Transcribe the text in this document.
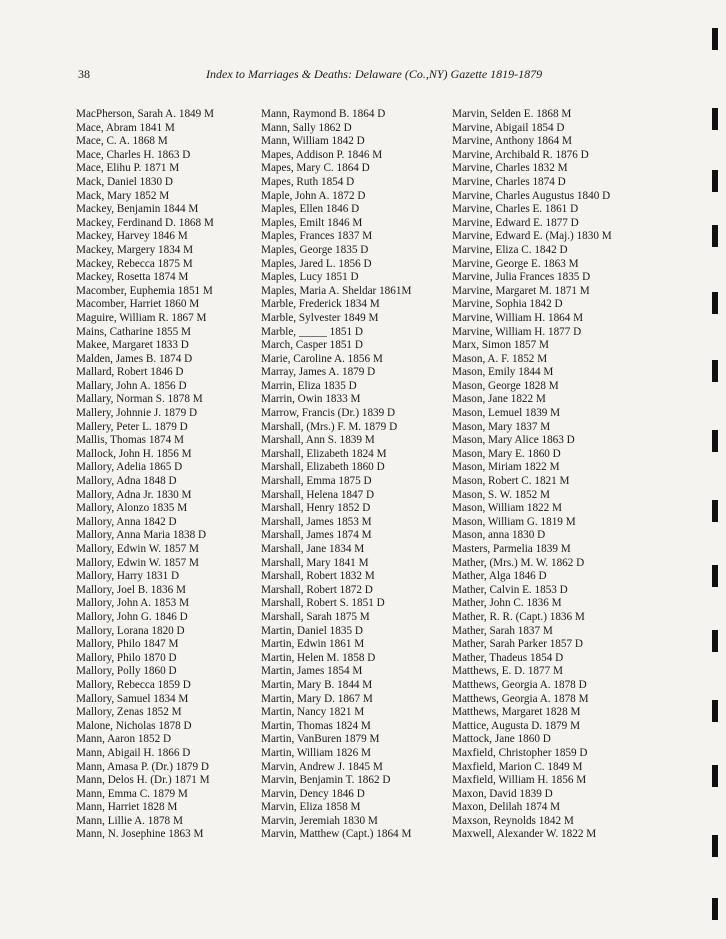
38	Index to Marriages & Deaths: Delaware (Co.,NY) Gazette 1819-1879
MacPherson, Sarah A. 1849 M
Mace, Abram 1841 M
Mace, C. A. 1868 M
Mace, Charles H. 1863 D
Mace, Elihu P. 1871 M
Mack, Daniel 1830 D
Mack, Mary 1852 M
Mackey, Benjamin 1844 M
Mackey, Ferdinand D. 1868 M
Mackey, Harvey 1846 M
Mackey, Margery 1834 M
Mackey, Rebecca 1875 M
Mackey, Rosetta 1874 M
Macomber, Euphemia 1851 M
Macomber, Harriet 1860 M
Maguire, William R. 1867 M
Mains, Catharine 1855 M
Makee, Margaret 1833 D
Malden, James B. 1874 D
Mallard, Robert 1846 D
Mallary, John A. 1856 D
Mallary, Norman S. 1878 M
Mallery, Johnnie J. 1879 D
Mallery, Peter L. 1879 D
Mallis, Thomas 1874 M
Mallock, John H. 1856 M
Mallory, Adelia 1865 D
Mallory, Adna 1848 D
Mallory, Adna Jr. 1830 M
Mallory, Alonzo 1835 M
Mallory, Anna 1842 D
Mallory, Anna Maria 1838 D
Mallory, Edwin W. 1857 M
Mallory, Edwin W. 1857 M
Mallory, Harry 1831 D
Mallory, Joel B. 1836 M
Mallory, John A. 1853 M
Mallory, John G. 1846 D
Mallory, Lorana 1820 D
Mallory, Philo 1847 M
Mallory, Philo 1870 D
Mallory, Polly 1860 D
Mallory, Rebecca 1859 D
Mallory, Samuel 1834 M
Mallory, Zenas 1852 M
Malone, Nicholas 1878 D
Mann, Aaron 1852 D
Mann, Abigail H. 1866 D
Mann, Amasa P. (Dr.) 1879 D
Mann, Delos H. (Dr.) 1871 M
Mann, Emma C. 1879 M
Mann, Harriet 1828 M
Mann, Lillie A. 1878 M
Mann, N. Josephine 1863 M
Mann, Raymond B. 1864 D
Mann, Sally 1862 D
Mann, William 1842 D
Mapes, Addison P. 1846 M
Mapes, Mary C. 1864 D
Mapes, Ruth 1854 D
Maple, John A. 1872 D
Maples, Ellen 1846 D
Maples, Emilt 1846 M
Maples, Frances 1837 M
Maples, George 1835 D
Maples, Jared L. 1856 D
Maples, Lucy 1851 D
Maples, Maria A. Sheldar 1861M
Marble, Frederick 1834 M
Marble, Sylvester 1849 M
Marble, _____ 1851 D
March, Casper 1851 D
Marie, Caroline A. 1856 M
Marray, James A. 1879 D
Marrin, Eliza 1835 D
Marrin, Owin 1833 M
Marrow, Francis (Dr.) 1839 D
Marshall, (Mrs.) F. M. 1879 D
Marshall, Ann S. 1839 M
Marshall, Elizabeth 1824 M
Marshall, Elizabeth 1860 D
Marshall, Emma 1875 D
Marshall, Helena 1847 D
Marshall, Henry 1852 D
Marshall, James 1853 M
Marshall, James 1874 M
Marshall, Jane 1834 M
Marshall, Mary 1841 M
Marshall, Robert 1832 M
Marshall, Robert 1872 D
Marshall, Robert S. 1851 D
Marshall, Sarah 1875 M
Martin, Daniel 1835 D
Martin, Edwin 1861 M
Martin, Helen M. 1858 D
Martin, James 1854 M
Martin, Mary B. 1844 M
Martin, Mary D. 1867 M
Martin, Nancy 1821 M
Martin, Thomas 1824 M
Martin, VanBuren 1879 M
Martin, William 1826 M
Marvin, Andrew J. 1845 M
Marvin, Benjamin T. 1862 D
Marvin, Dency 1846 D
Marvin, Eliza 1858 M
Marvin, Jeremiah 1830 M
Marvin, Matthew (Capt.) 1864 M
Marvin, Selden E. 1868 M
Marvine, Abigail 1854 D
Marvine, Anthony 1864 M
Marvine, Archibald R. 1876 D
Marvine, Charles 1832 M
Marvine, Charles 1874 D
Marvine, Charles Augustus 1840 D
Marvine, Charles E. 1861 D
Marvine, Edward E. 1877 D
Marvine, Edward E. (Maj.) 1830 M
Marvine, Eliza C. 1842 D
Marvine, George E. 1863 M
Marvine, Julia Frances 1835 D
Marvine, Margaret M. 1871 M
Marvine, Sophia 1842 D
Marvine, William H. 1864 M
Marvine, William H. 1877 D
Marx, Simon 1857 M
Mason, A. F. 1852 M
Mason, Emily 1844 M
Mason, George 1828 M
Mason, Jane 1822 M
Mason, Lemuel 1839 M
Mason, Mary 1837 M
Mason, Mary Alice 1863 D
Mason, Mary E. 1860 D
Mason, Miriam 1822 M
Mason, Robert C. 1821 M
Mason, S. W. 1852 M
Mason, William 1822 M
Mason, William G. 1819 M
Mason, anna 1830 D
Masters, Parmelia 1839 M
Mather, (Mrs.) M. W. 1862 D
Mather, Alga 1846 D
Mather, Calvin E. 1853 D
Mather, John C. 1836 M
Mather, R. R. (Capt.) 1836 M
Mather, Sarah 1837 M
Mather, Sarah Parker 1857 D
Mather, Thadeus 1854 D
Matthews, E. D. 1877 M
Matthews, Georgia A. 1878 D
Matthews, Georgia A. 1878 M
Matthews, Margaret 1828 M
Mattice, Augusta D. 1879 M
Mattock, Jane 1860 D
Maxfield, Christopher 1859 D
Maxfield, Marion C. 1849 M
Maxfield, William H. 1856 M
Maxon, David 1839 D
Maxon, Delilah 1874 M
Maxson, Reynolds 1842 M
Maxwell, Alexander W. 1822 M
